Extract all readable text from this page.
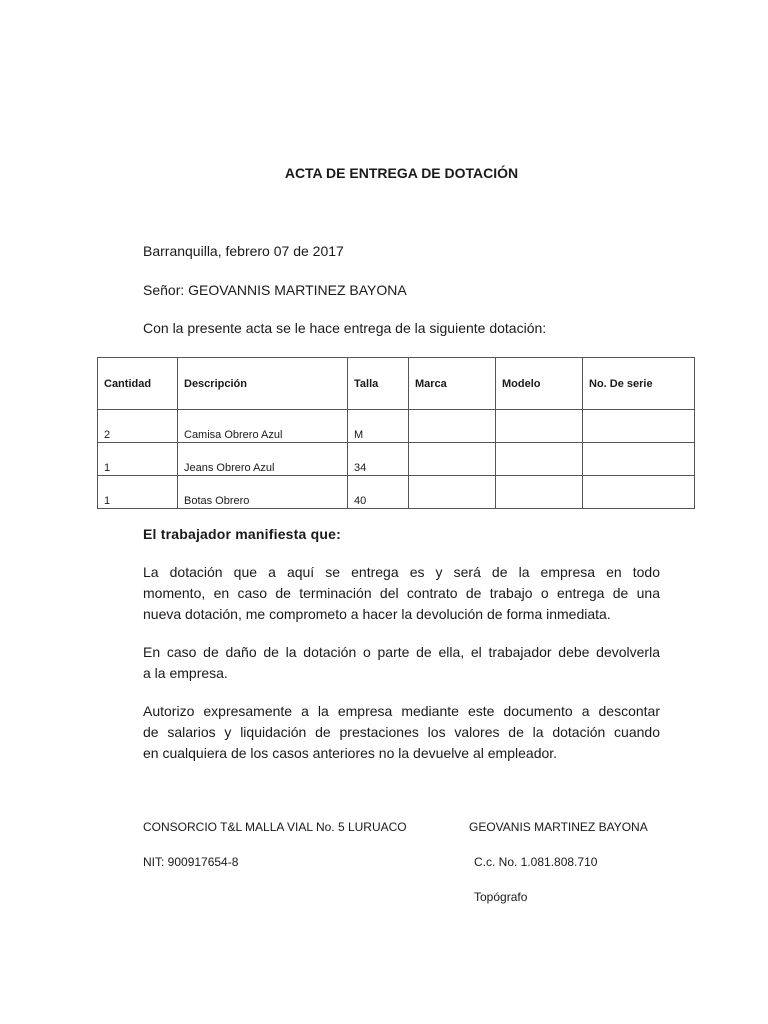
ACTA DE ENTREGA DE DOTACIÓN
Barranquilla, febrero 07 de 2017
Señor: GEOVANNIS MARTINEZ BAYONA
Con la presente acta se le hace entrega de la siguiente dotación:
Cantidad	Descripción	Talla	Marca	Modelo	No. De serie
2	Camisa Obrero Azul	M			
1	Jeans Obrero Azul	34			
1	Botas Obrero	40			
El trabajador manifiesta que:
La dotación que a aquí se entrega es y será de la empresa en todo
momento, en caso de terminación del contrato de trabajo o entrega de una
nueva dotación, me comprometo a hacer la devolución de forma inmediata.
En caso de daño de la dotación o parte de ella, el trabajador debe devolverla
a la empresa.
Autorizo expresamente a la empresa mediante este documento a descontar
de salarios y liquidación de prestaciones los valores de la dotación cuando
en cualquiera de los casos anteriores no la devuelve al empleador.
CONSORCIO T&L MALLA VIAL No. 5 LURUACO
NIT: 900917654-8
GEOVANIS MARTINEZ BAYONA
C.c. No. 1.081.808.710
Topógrafo
